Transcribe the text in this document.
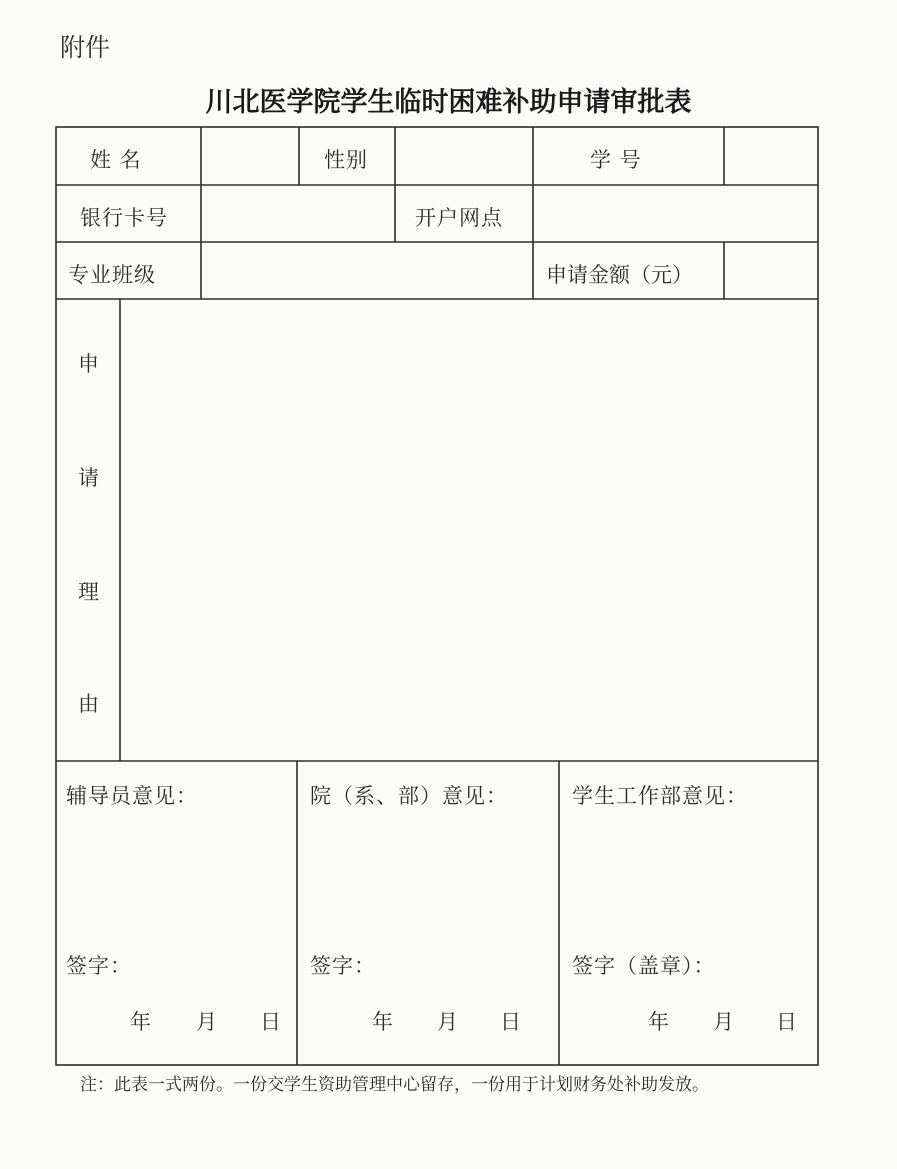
附件
川北医学院学生临时困难补助申请审批表
姓 名	性别	学 号
银行卡号	开户网点
专业班级	申请金额（元）
申
请
理
由
辅导员意见：
签字：
年 月 日
院（系、部）意见：
签字：
年 月 日
学生工作部意见：
签字（盖章）：
年 月 日
注：此表一式两份。一份交学生资助管理中心留存，一份用于计划财务处补助发放。
